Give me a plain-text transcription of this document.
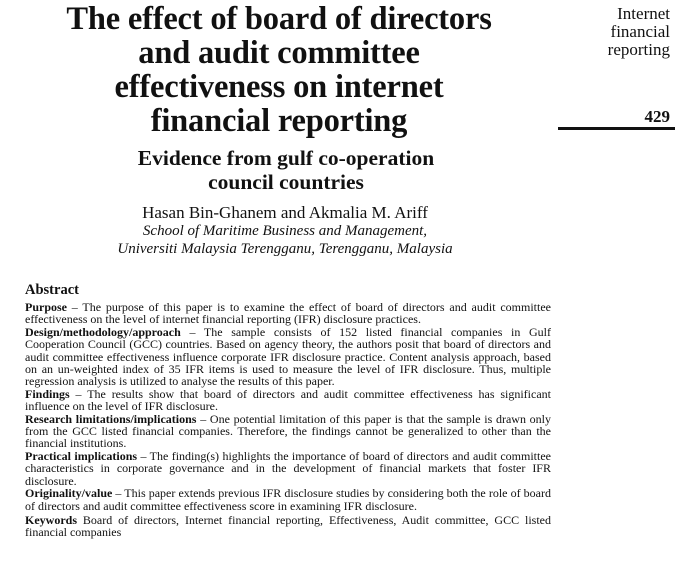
The effect of board of directors
and audit committee
effectiveness on internet
financial reporting
Evidence from gulf co-operation
council countries
Hasan Bin-Ghanem and Akmalia M. Ariff
School of Maritime Business and Management,
Universiti Malaysia Terengganu, Terengganu, Malaysia
Internet
financial
reporting
429
Abstract

Purpose – The purpose of this paper is to examine the effect of board of directors and audit committee effectiveness on the level of internet financial reporting (IFR) disclosure practices.

Design/methodology/approach – The sample consists of 152 listed financial companies in Gulf Cooperation Council (GCC) countries. Based on agency theory, the authors posit that board of directors and audit committee effectiveness influence corporate IFR disclosure practice. Content analysis approach, based on an un-weighted index of 35 IFR items is used to measure the level of IFR disclosure. Thus, multiple regression analysis is utilized to analyse the results of this paper.

Findings – The results show that board of directors and audit committee effectiveness has significant influence on the level of IFR disclosure.

Research limitations/implications – One potential limitation of this paper is that the sample is drawn only from the GCC listed financial companies. Therefore, the findings cannot be generalized to other than the financial institutions.

Practical implications – The finding(s) highlights the importance of board of directors and audit committee characteristics in corporate governance and in the development of financial markets that foster IFR disclosure.

Originality/value – This paper extends previous IFR disclosure studies by considering both the role of board of directors and audit committee effectiveness score in examining IFR disclosure.

Keywords Board of directors, Internet financial reporting, Effectiveness, Audit committee, GCC listed financial companies
